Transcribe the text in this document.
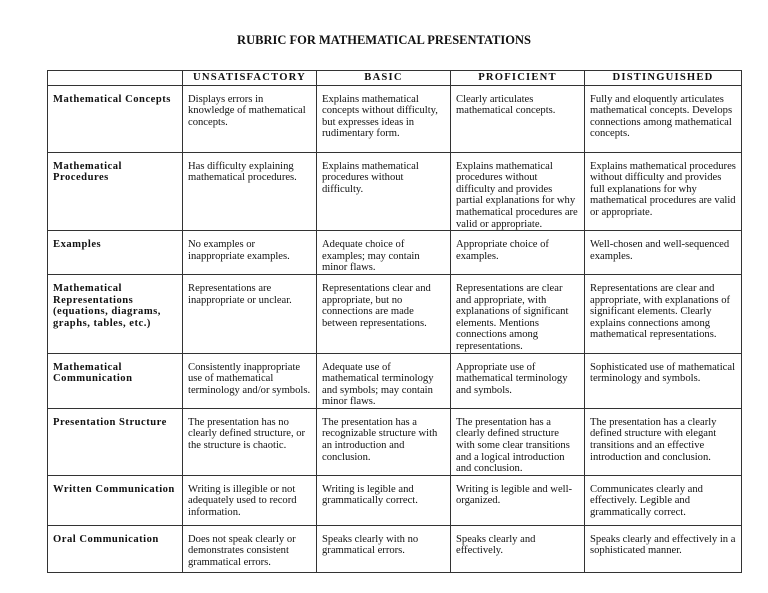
RUBRIC FOR MATHEMATICAL PRESENTATIONS
	UNSATISFACTORY	BASIC	PROFICIENT	DISTINGUISHED
Mathematical Concepts	Displays errors in knowledge of mathematical concepts.	Explains mathematical concepts without difficulty, but expresses ideas in rudimentary form.	Clearly articulates mathematical concepts.	Fully and eloquently articulates mathematical concepts. Develops connections among mathematical concepts.
Mathematical Procedures	Has difficulty explaining mathematical procedures.	Explains mathematical procedures without difficulty.	Explains mathematical procedures without difficulty and provides partial explanations for why mathematical procedures are valid or appropriate.	Explains mathematical procedures without difficulty and provides full explanations for why mathematical procedures are valid or appropriate.
Examples	No examples or inappropriate examples.	Adequate choice of examples; may contain minor flaws.	Appropriate choice of examples.	Well-chosen and well-sequenced examples.
Mathematical Representations (equations, diagrams, graphs, tables, etc.)	Representations are inappropriate or unclear.	Representations clear and appropriate, but no connections are made between representations.	Representations are clear and appropriate, with explanations of significant elements. Mentions connections among representations.	Representations are clear and appropriate, with explanations of significant elements. Clearly explains connections among mathematical representations.
Mathematical Communication	Consistently inappropriate use of mathematical terminology and/or symbols.	Adequate use of mathematical terminology and symbols; may contain minor flaws.	Appropriate use of mathematical terminology and symbols.	Sophisticated use of mathematical terminology and symbols.
Presentation Structure	The presentation has no clearly defined structure, or the structure is chaotic.	The presentation has a recognizable structure with an introduction and conclusion.	The presentation has a clearly defined structure with some clear transitions and a logical introduction and conclusion.	The presentation has a clearly defined structure with elegant transitions and an effective introduction and conclusion.
Written Communication	Writing is illegible or not adequately used to record information.	Writing is legible and grammatically correct.	Writing is legible and well-organized.	Communicates clearly and effectively. Legible and grammatically correct.
Oral Communication	Does not speak clearly or demonstrates consistent grammatical errors.	Speaks clearly with no grammatical errors.	Speaks clearly and effectively.	Speaks clearly and effectively in a sophisticated manner.
